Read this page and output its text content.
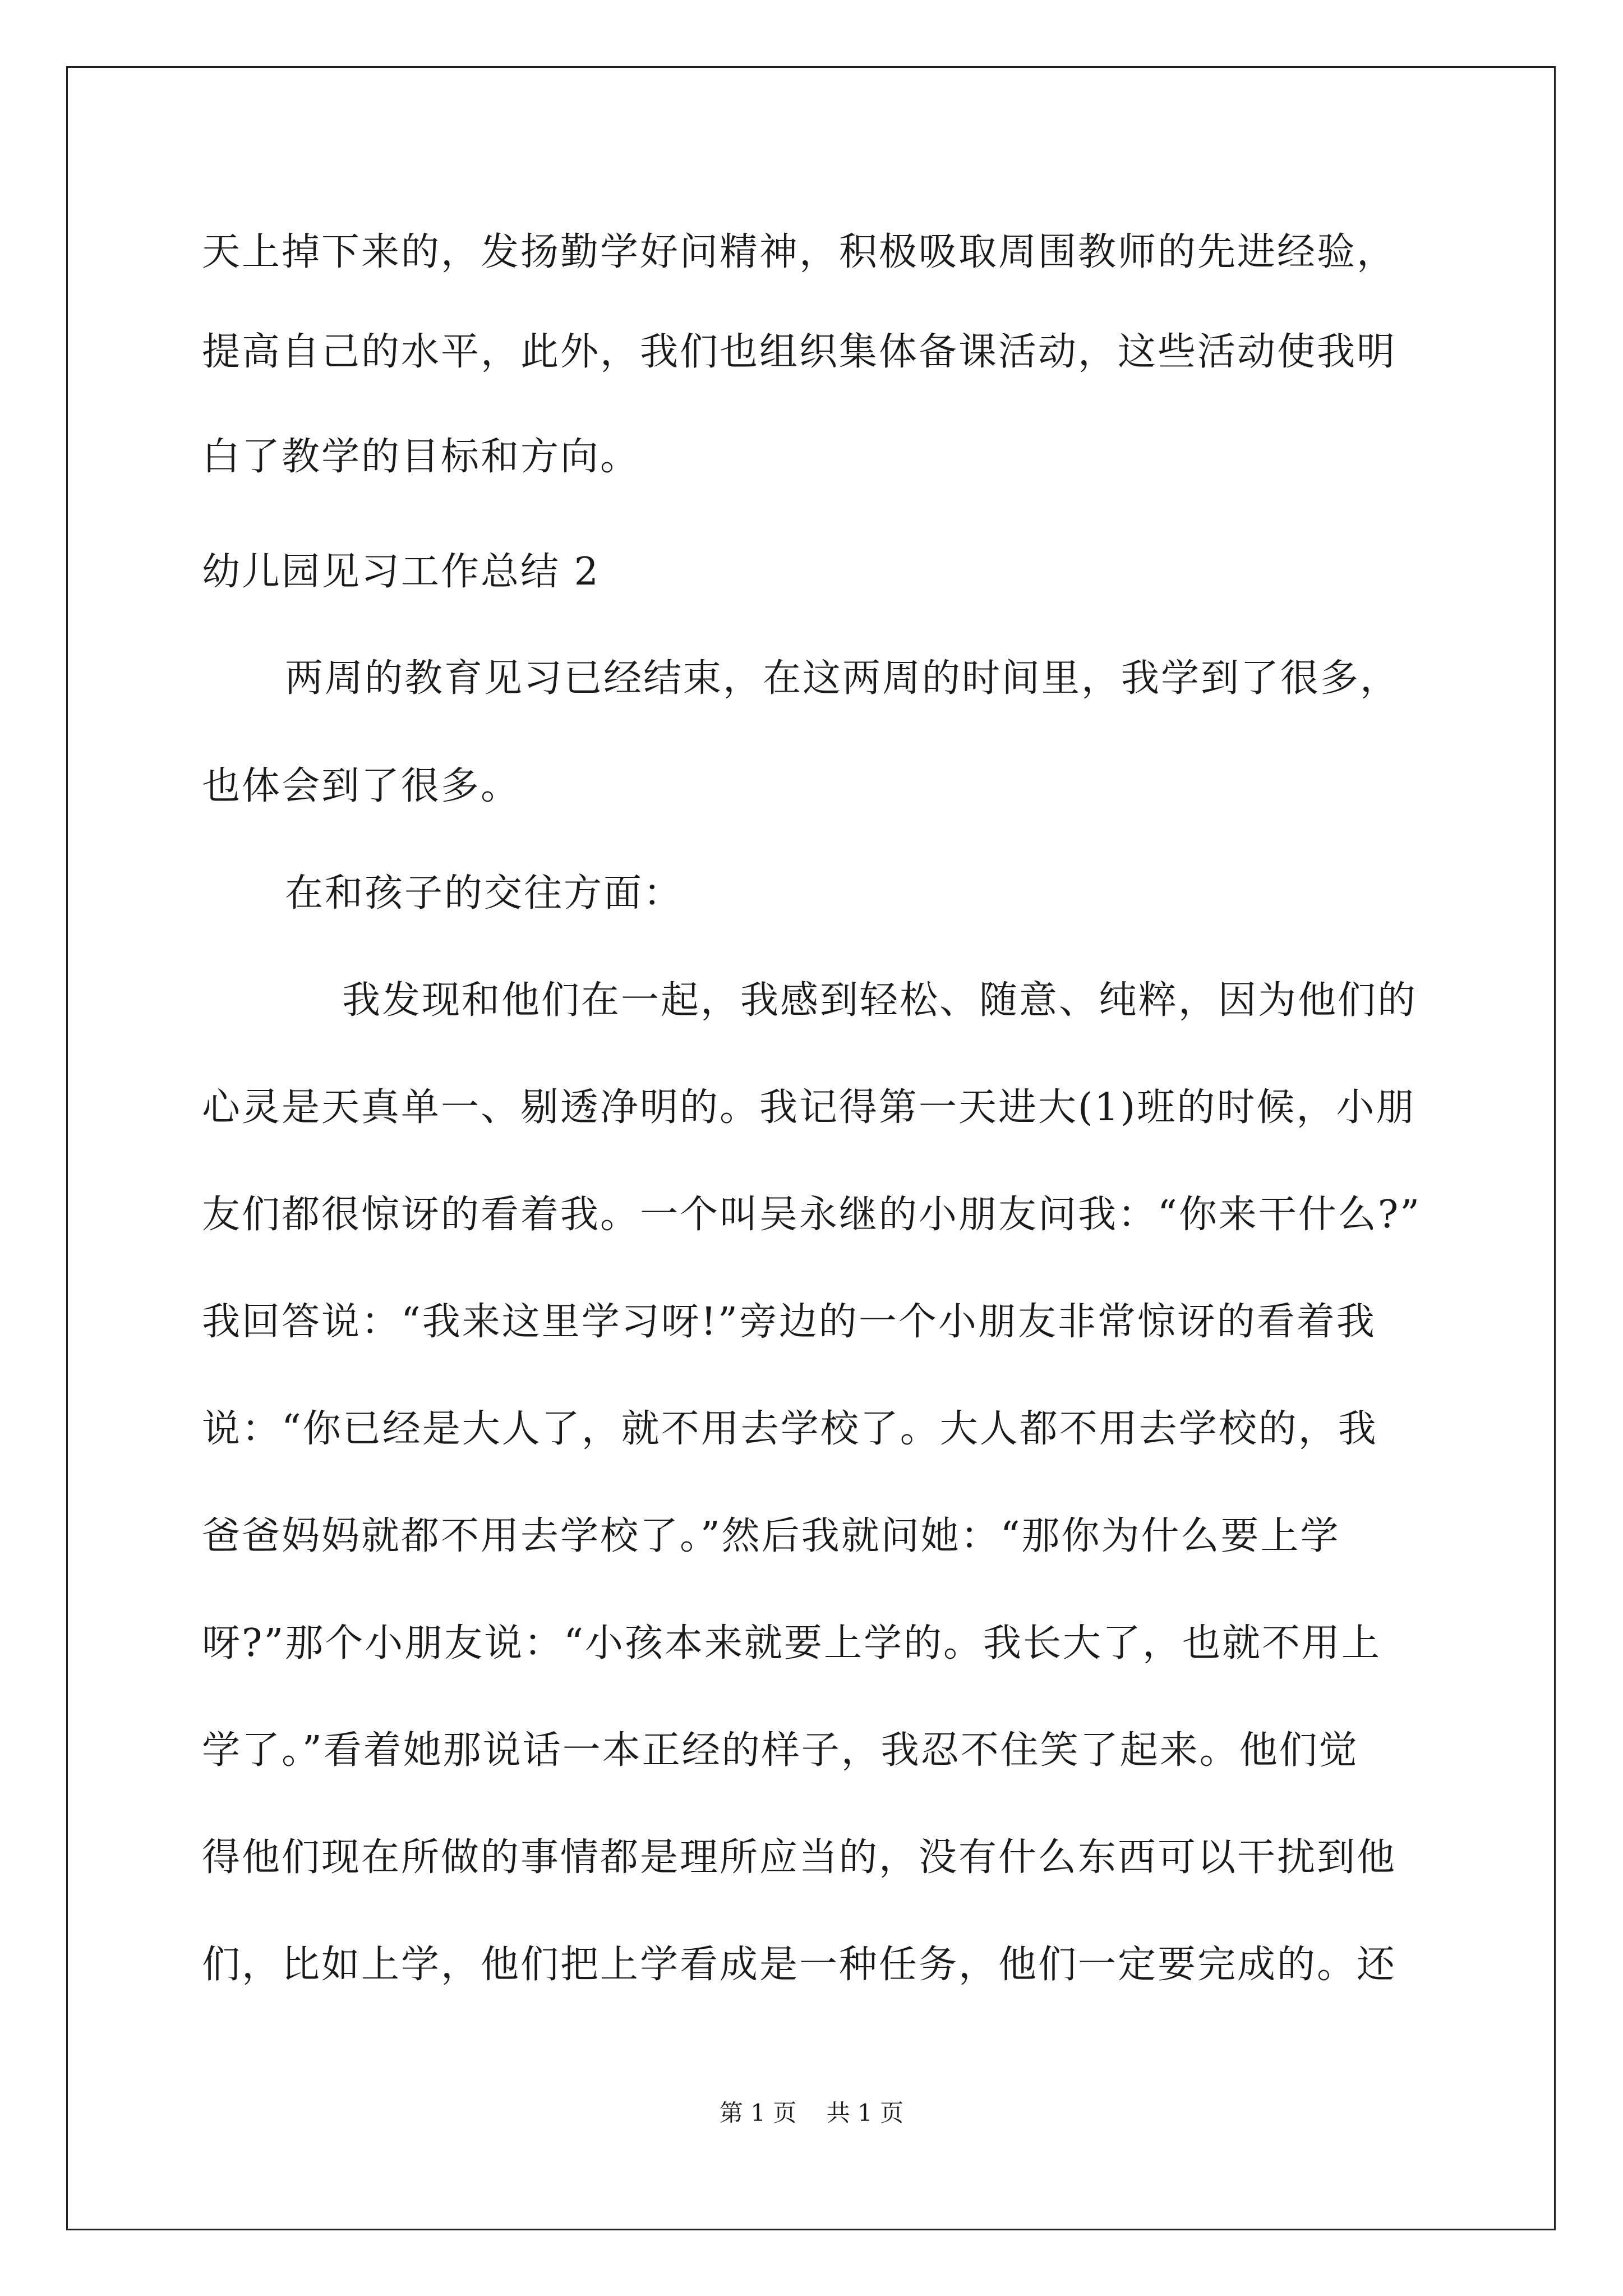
天上掉下来的，发扬勤学好问精神，积极吸取周围教师的先进经验，
提高自己的水平，此外，我们也组织集体备课活动，这些活动使我明
白了教学的目标和方向。
幼儿园见习工作总结 2
两周的教育见习已经结束，在这两周的时间里，我学到了很多，
也体会到了很多。
在和孩子的交往方面：
我发现和他们在一起，我感到轻松、随意、纯粹，因为他们的
心灵是天真单一、剔透净明的。我记得第一天进大(1)班的时候，小朋
友们都很惊讶的看着我。一个叫吴永继的小朋友问我：“你来干什么?”
我回答说：“我来这里学习呀!”旁边的一个小朋友非常惊讶的看着我
说：“你已经是大人了，就不用去学校了。大人都不用去学校的，我
爸爸妈妈就都不用去学校了。”然后我就问她：“那你为什么要上学
呀?”那个小朋友说：“小孩本来就要上学的。我长大了，也就不用上
学了。”看着她那说话一本正经的样子，我忍不住笑了起来。他们觉
得他们现在所做的事情都是理所应当的，没有什么东西可以干扰到他
们，比如上学，他们把上学看成是一种任务，他们一定要完成的。还
第 1 页    共 1 页
